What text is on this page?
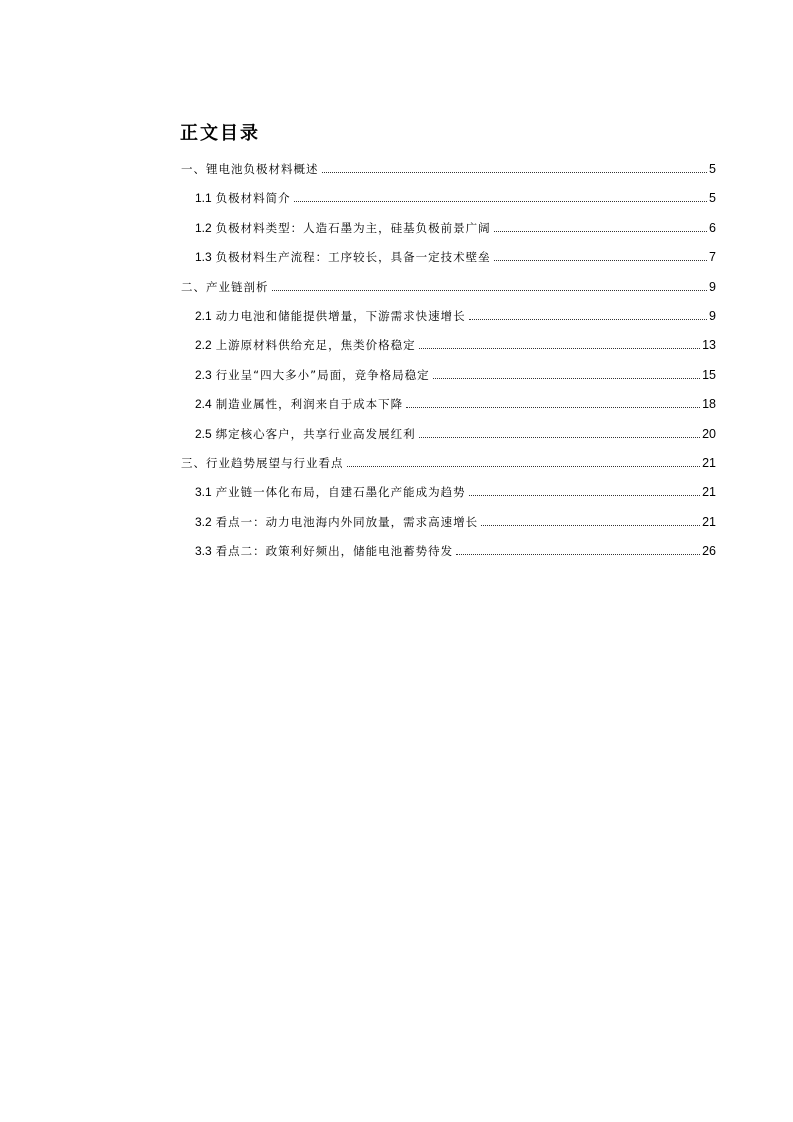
正文目录
一、锂电池负极材料概述	5
1.1 负极材料简介	5
1.2 负极材料类型：人造石墨为主，硅基负极前景广阔	6
1.3 负极材料生产流程：工序较长，具备一定技术壁垒	7
二、产业链剖析	9
2.1 动力电池和储能提供增量，下游需求快速增长	9
2.2 上游原材料供给充足，焦类价格稳定	13
2.3 行业呈“四大多小”局面，竞争格局稳定	15
2.4 制造业属性，利润来自于成本下降	18
2.5 绑定核心客户，共享行业高发展红利	20
三、行业趋势展望与行业看点	21
3.1 产业链一体化布局，自建石墨化产能成为趋势	21
3.2 看点一：动力电池海内外同放量，需求高速增长	21
3.3 看点二：政策利好频出，储能电池蓄势待发	26
